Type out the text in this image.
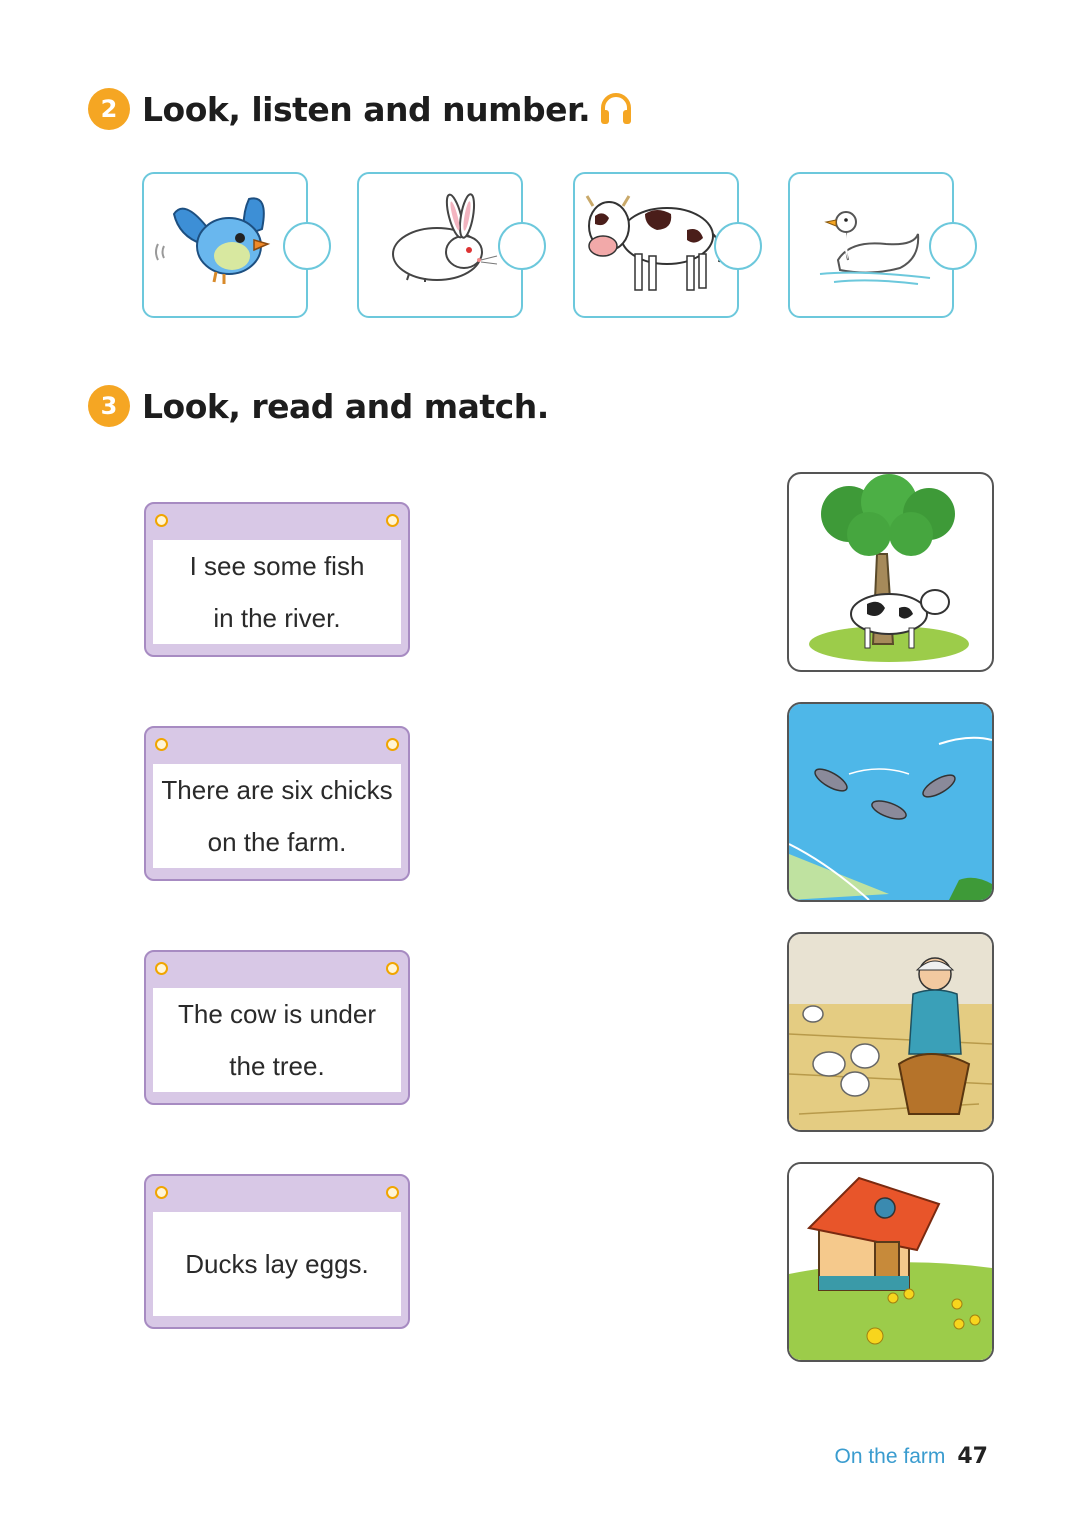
2 Look, listen and number.
3 Look, read and match.
I see some fish
in the river.
There are six chicks
on the farm.
The cow is under
the tree.
Ducks lay eggs.
On the farm 47
